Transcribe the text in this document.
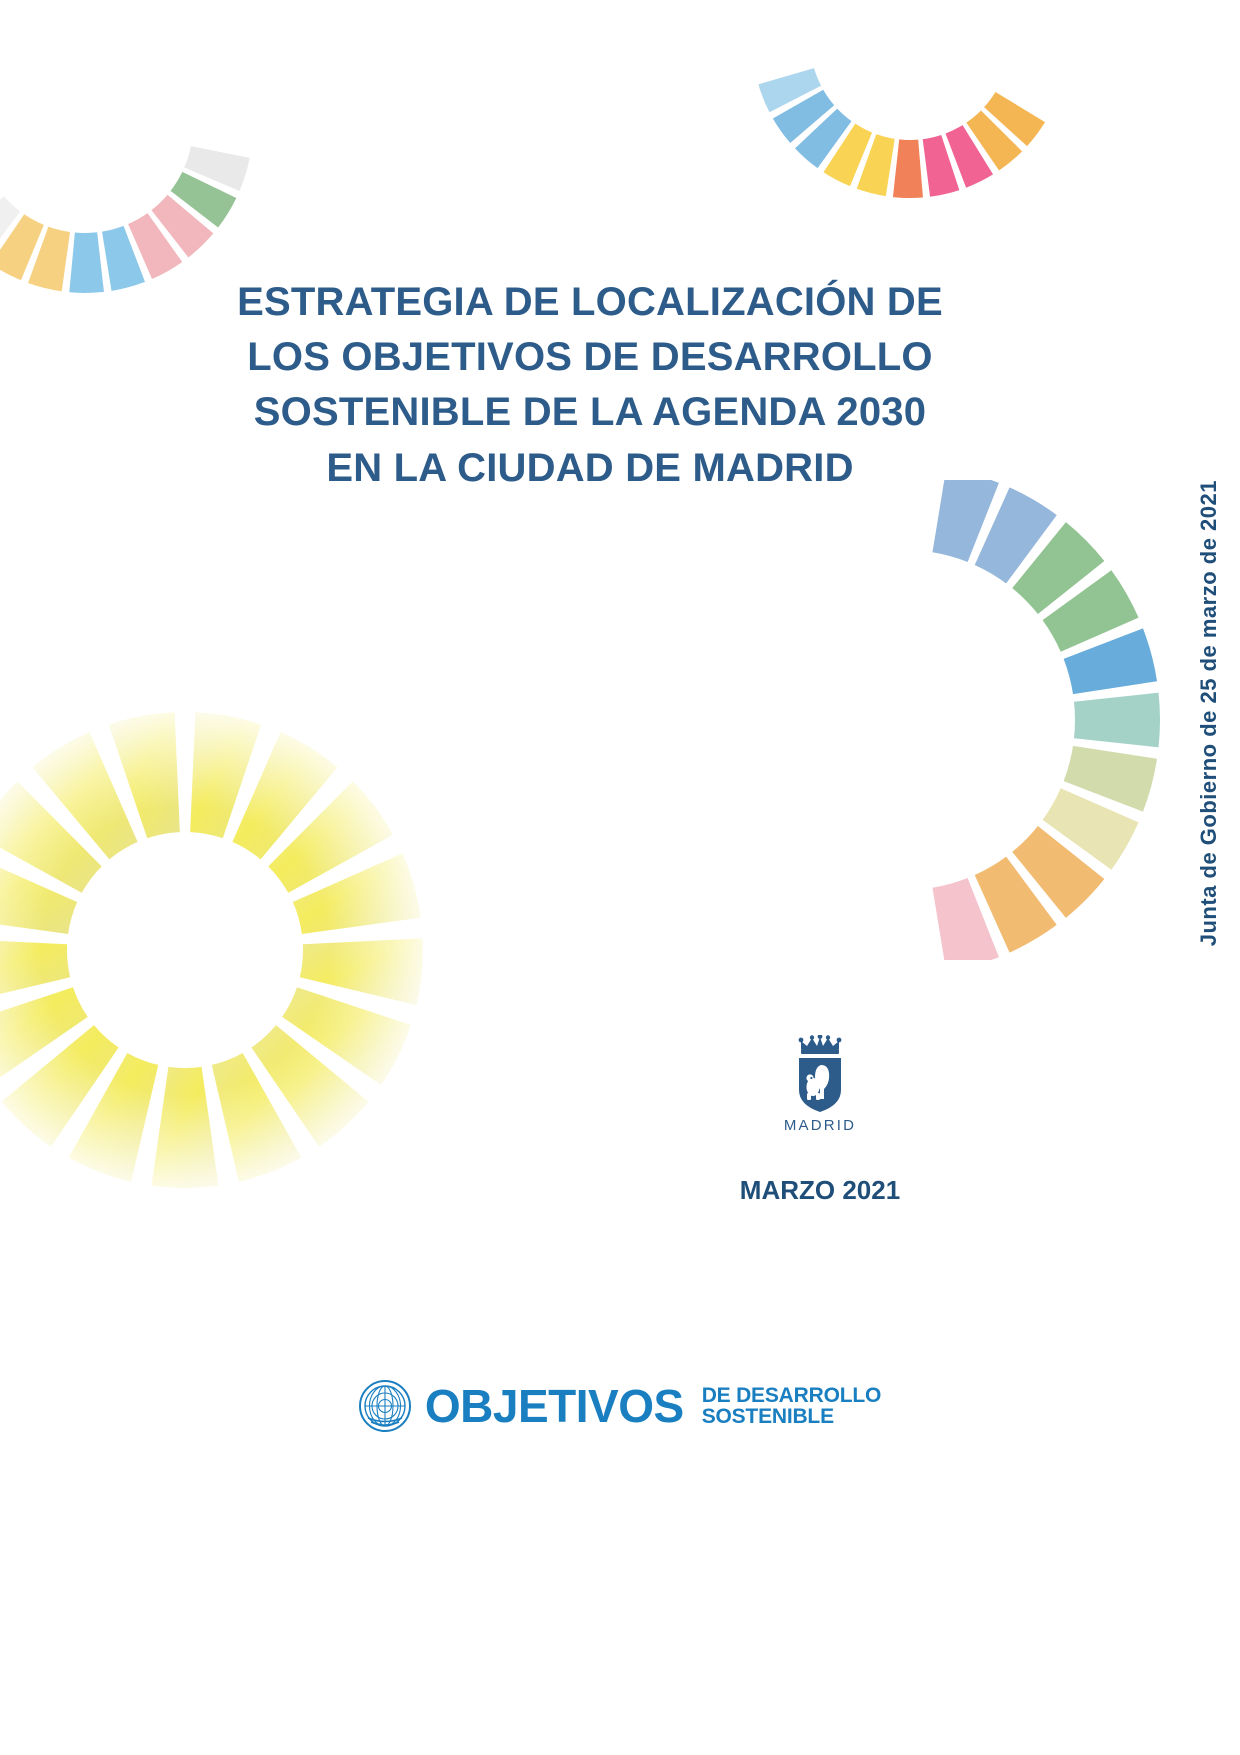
ESTRATEGIA DE LOCALIZACIÓN DE
LOS OBJETIVOS DE DESARROLLO
SOSTENIBLE DE LA AGENDA 2030
EN LA CIUDAD DE MADRID
Junta de Gobierno de 25 de marzo de 2021
MADRID
MARZO 2021
OBJETIVOS DE DESARROLLO
SOSTENIBLE
